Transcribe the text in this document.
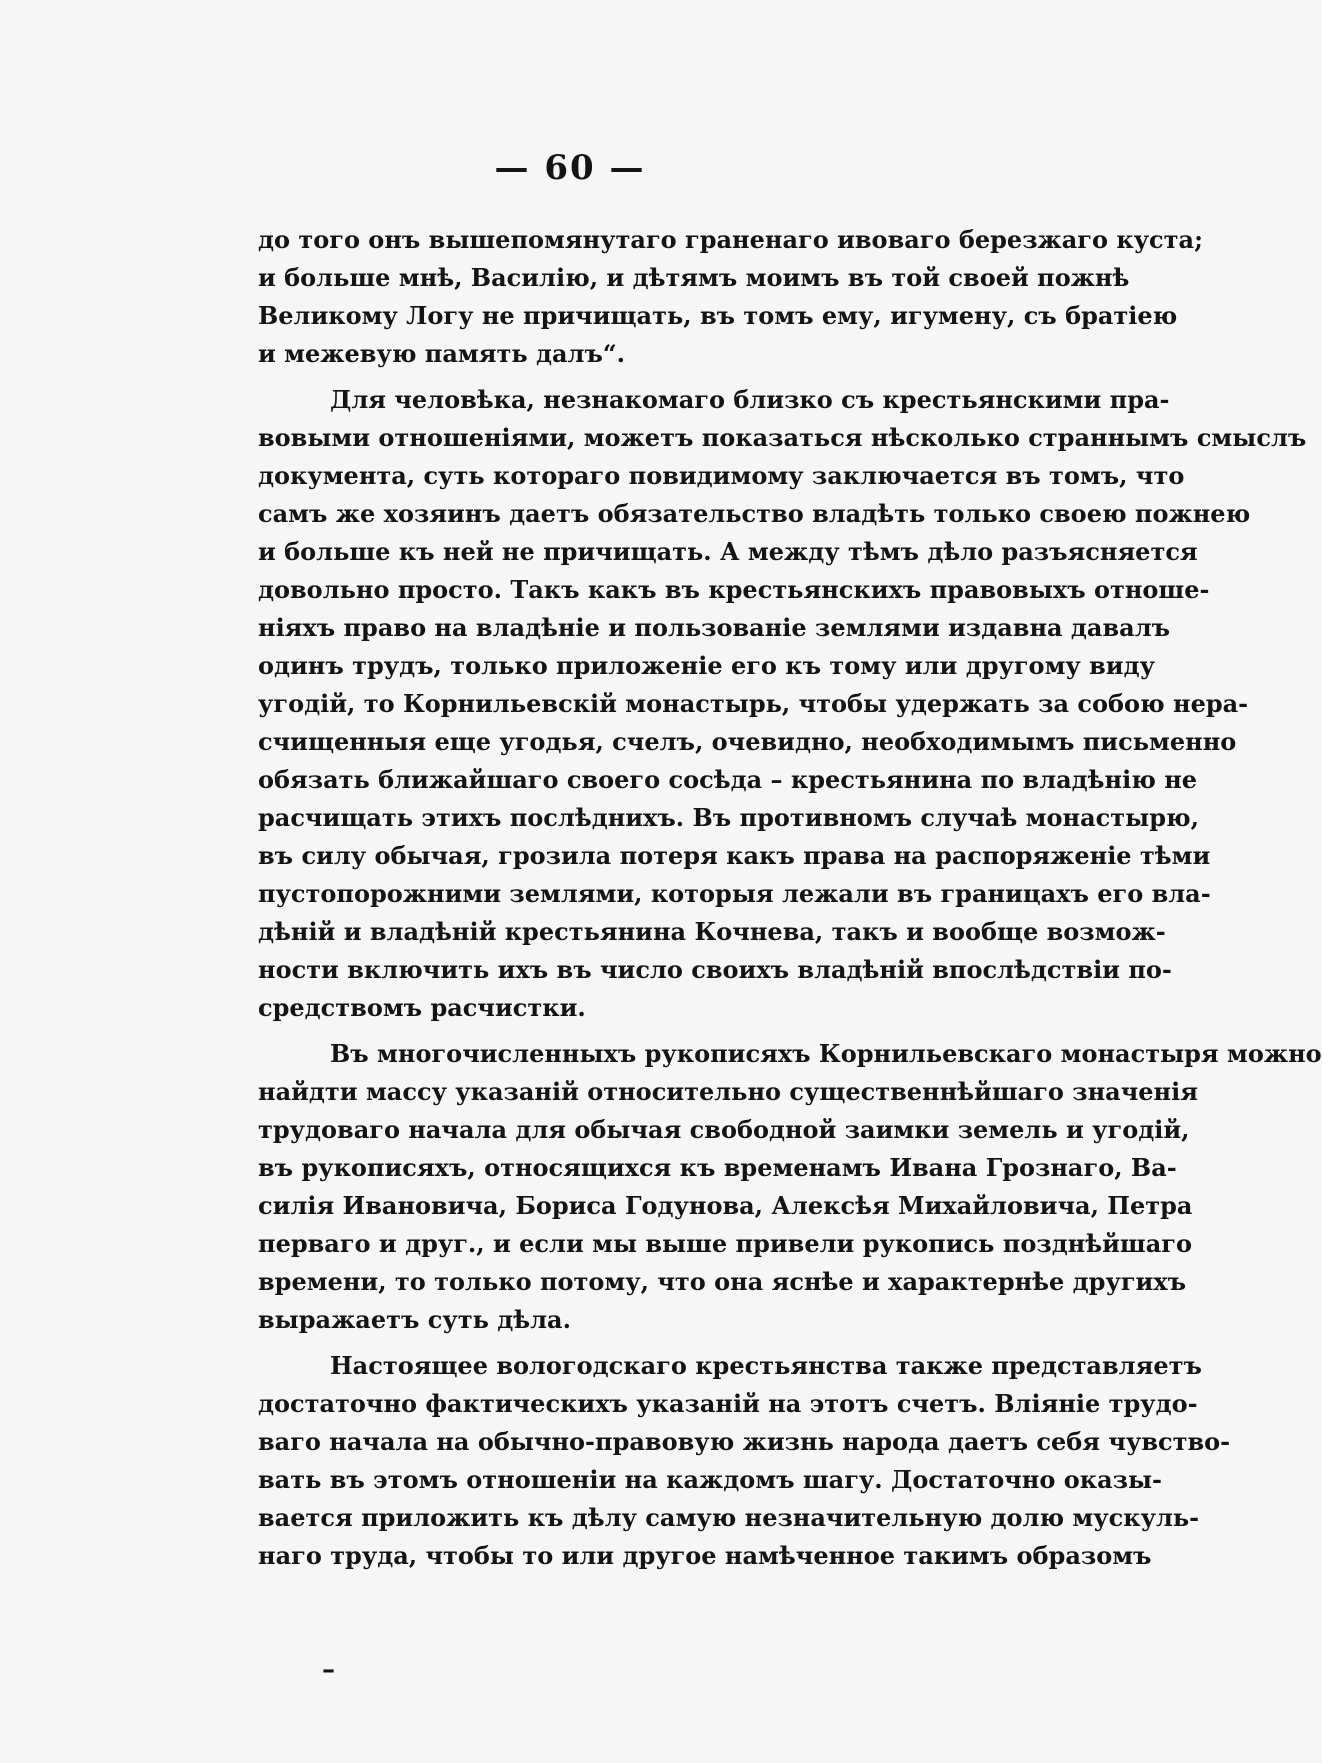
— 60 —
до того онъ вышепомянутаго граненаго ивоваго березжаго куста;
и больше мнѣ, Василію, и дѣтямъ моимъ въ той своей пожнѣ
Великому Логу не причищать, въ томъ ему, игумену, съ братіею
и межевую память далъ“.
Для человѣка, незнакомаго близко съ крестьянскими пра-
вовыми отношеніями, можетъ показаться нѣсколько страннымъ смыслъ
документа, суть котораго повидимому заключается въ томъ, что
самъ же хозяинъ даетъ обязательство владѣть только своею пожнею
и больше къ ней не причищать. А между тѣмъ дѣло разъясняется
довольно просто. Такъ какъ въ крестьянскихъ правовыхъ отноше-
ніяхъ право на владѣніе и пользованіе землями издавна давалъ
одинъ трудъ, только приложеніе его къ тому или другому виду
угодій, то Корнильевскій монастырь, чтобы удержать за собою нера-
счищенныя еще угодья, счелъ, очевидно, необходимымъ письменно
обязать ближайшаго своего сосѣда – крестьянина по владѣнію не
расчищать этихъ послѣднихъ. Въ противномъ случаѣ монастырю,
въ силу обычая, грозила потеря какъ права на распоряженіе тѣми
пустопорожними землями, которыя лежали въ границахъ его вла-
дѣній и владѣній крестьянина Кочнева, такъ и вообще возмож-
ности включить ихъ въ число своихъ владѣній впослѣдствіи по-
средствомъ расчистки.
Въ многочисленныхъ рукописяхъ Корнильевскаго монастыря можно
найдти массу указаній относительно существеннѣйшаго значенія
трудоваго начала для обычая свободной заимки земель и угодій,
въ рукописяхъ, относящихся къ временамъ Ивана Грознаго, Ва-
силія Ивановича, Бориса Годунова, Алексѣя Михайловича, Петра
перваго и друг., и если мы выше привели рукопись позднѣйшаго
времени, то только потому, что она яснѣе и характернѣе другихъ
выражаетъ суть дѣла.
Настоящее вологодскаго крестьянства также представляетъ
достаточно фактическихъ указаній на этотъ счетъ. Вліяніе трудо-
ваго начала на обычно-правовую жизнь народа даетъ себя чувство-
вать въ этомъ отношеніи на каждомъ шагу. Достаточно оказы-
вается приложить къ дѣлу самую незначительную долю мускуль-
наго труда, чтобы то или другое намѣченное такимъ образомъ
–
